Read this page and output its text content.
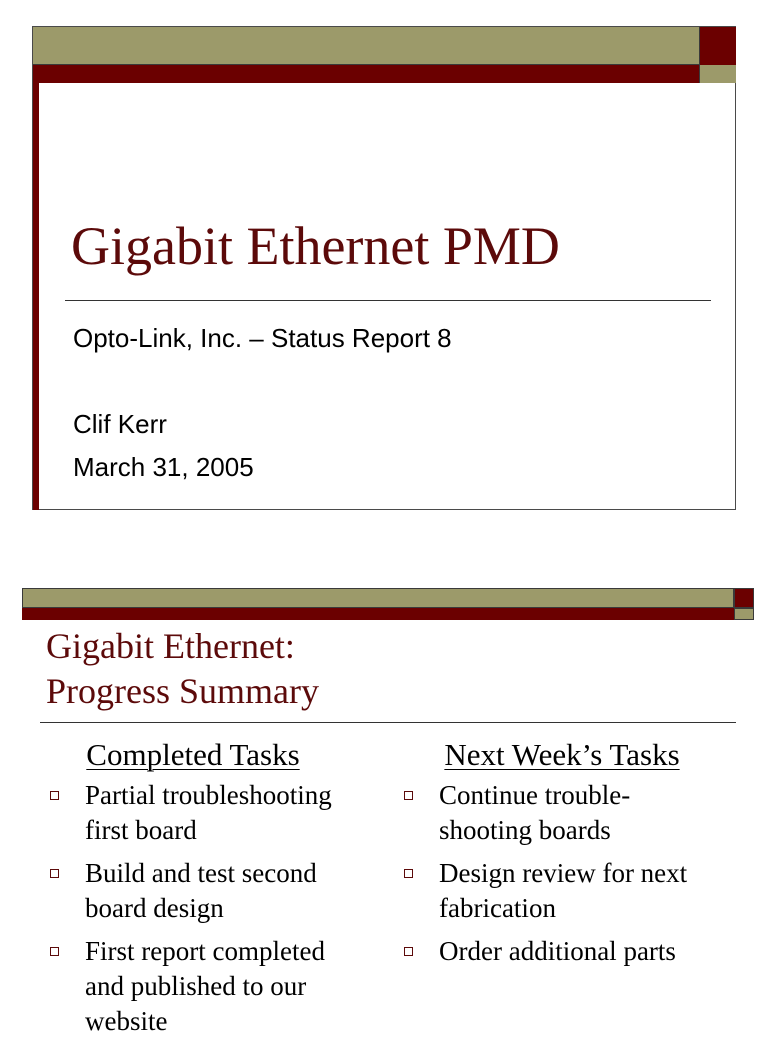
Gigabit Ethernet PMD

Opto-Link, Inc. – Status Report 8

Clif Kerr

March 31, 2005

Gigabit Ethernet:
Progress Summary
Completed Tasks
Partial troubleshooting first board
Build and test second board design
First report completed and published to our website
Next Week’s Tasks
Continue trouble-shooting boards
Design review for next fabrication
Order additional parts
